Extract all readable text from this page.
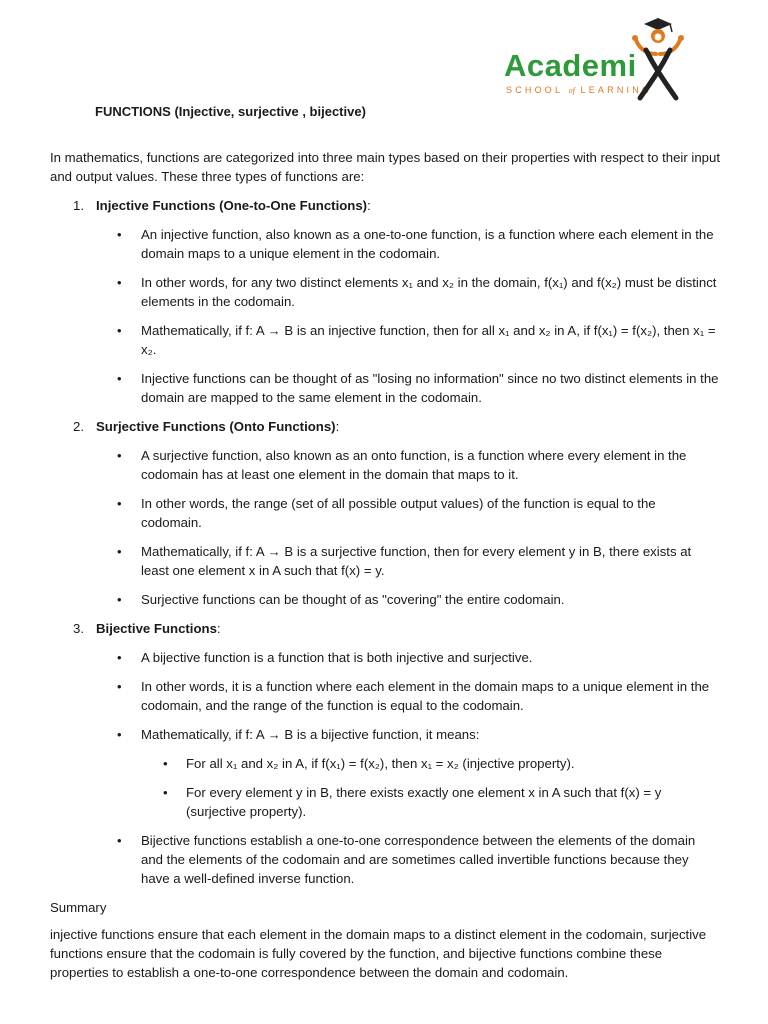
Academi
SCHOOL of LEARNING
FUNCTIONS (Injective, surjective , bijective)

In mathematics, functions are categorized into three main types based on their properties with respect to their input and output values. These three types of functions are:

1. Injective Functions (One-to-One Functions):
• An injective function, also known as a one-to-one function, is a function where each element in the domain maps to a unique element in the codomain.
• In other words, for any two distinct elements x₁ and x₂ in the domain, f(x₁) and f(x₂) must be distinct elements in the codomain.
• Mathematically, if f: A → B is an injective function, then for all x₁ and x₂ in A, if f(x₁) = f(x₂), then x₁ = x₂.
• Injective functions can be thought of as "losing no information" since no two distinct elements in the domain are mapped to the same element in the codomain.
2. Surjective Functions (Onto Functions):
• A surjective function, also known as an onto function, is a function where every element in the codomain has at least one element in the domain that maps to it.
• In other words, the range (set of all possible output values) of the function is equal to the codomain.
• Mathematically, if f: A → B is a surjective function, then for every element y in B, there exists at least one element x in A such that f(x) = y.
• Surjective functions can be thought of as "covering" the entire codomain.
3. Bijective Functions:
• A bijective function is a function that is both injective and surjective.
• In other words, it is a function where each element in the domain maps to a unique element in the codomain, and the range of the function is equal to the codomain.
• Mathematically, if f: A → B is a bijective function, it means:
• For all x₁ and x₂ in A, if f(x₁) = f(x₂), then x₁ = x₂ (injective property).
• For every element y in B, there exists exactly one element x in A such that f(x) = y (surjective property).
• Bijective functions establish a one-to-one correspondence between the elements of the domain and the elements of the codomain and are sometimes called invertible functions because they have a well-defined inverse function.

Summary

injective functions ensure that each element in the domain maps to a distinct element in the codomain, surjective functions ensure that the codomain is fully covered by the function, and bijective functions combine these properties to establish a one-to-one correspondence between the domain and codomain.
